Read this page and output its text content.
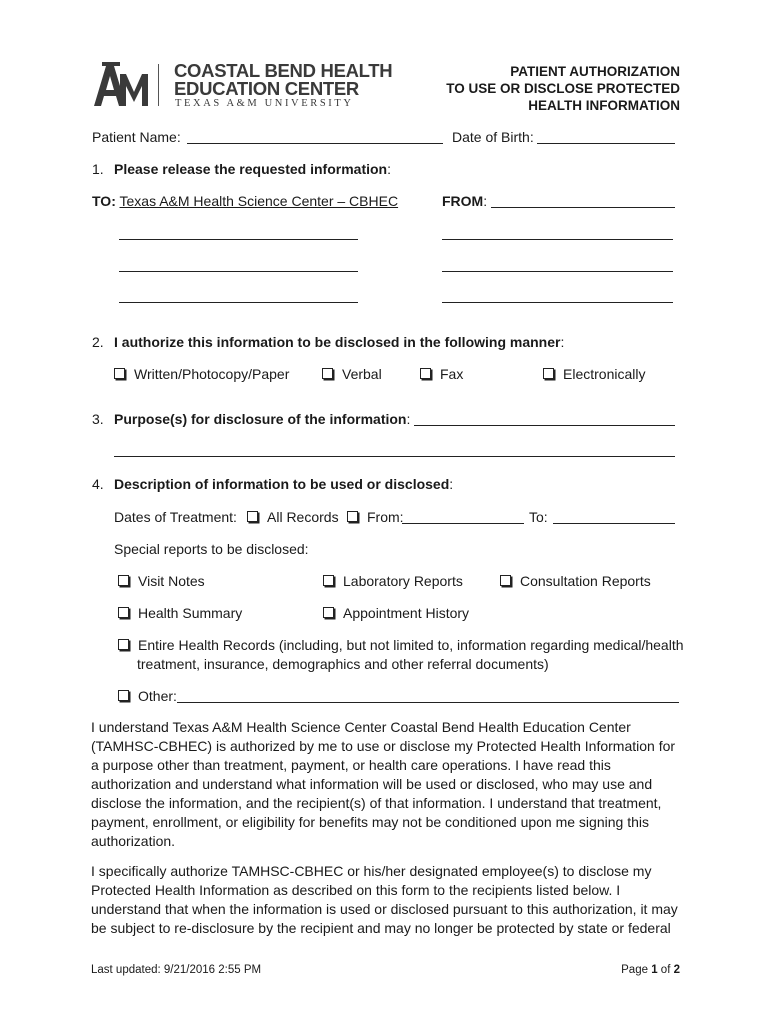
COASTAL BEND HEALTH
EDUCATION CENTER
TEXAS A&M UNIVERSITY
PATIENT AUTHORIZATION
TO USE OR DISCLOSE PROTECTED
HEALTH INFORMATION
Patient Name:	Date of Birth:
1. Please release the requested information:
TO: Texas A&M Health Science Center – CBHEC	FROM:
2. I authorize this information to be disclosed in the following manner:
Written/Photocopy/Paper	Verbal	Fax	Electronically
3. Purpose(s) for disclosure of the information:
4. Description of information to be used or disclosed:
Dates of Treatment:	All Records	From:	To:
Special reports to be disclosed:
Visit Notes	Laboratory Reports	Consultation Reports
Health Summary	Appointment History
Entire Health Records (including, but not limited to, information regarding medical/health
treatment, insurance, demographics and other referral documents)
Other:
I understand Texas A&M Health Science Center Coastal Bend Health Education Center
(TAMHSC-CBHEC) is authorized by me to use or disclose my Protected Health Information for
a purpose other than treatment, payment, or health care operations. I have read this
authorization and understand what information will be used or disclosed, who may use and
disclose the information, and the recipient(s) of that information. I understand that treatment,
payment, enrollment, or eligibility for benefits may not be conditioned upon me signing this
authorization.
I specifically authorize TAMHSC-CBHEC or his/her designated employee(s) to disclose my
Protected Health Information as described on this form to the recipients listed below. I
understand that when the information is used or disclosed pursuant to this authorization, it may
be subject to re-disclosure by the recipient and may no longer be protected by state or federal
Last updated: 9/21/2016 2:55 PM	Page 1 of 2
